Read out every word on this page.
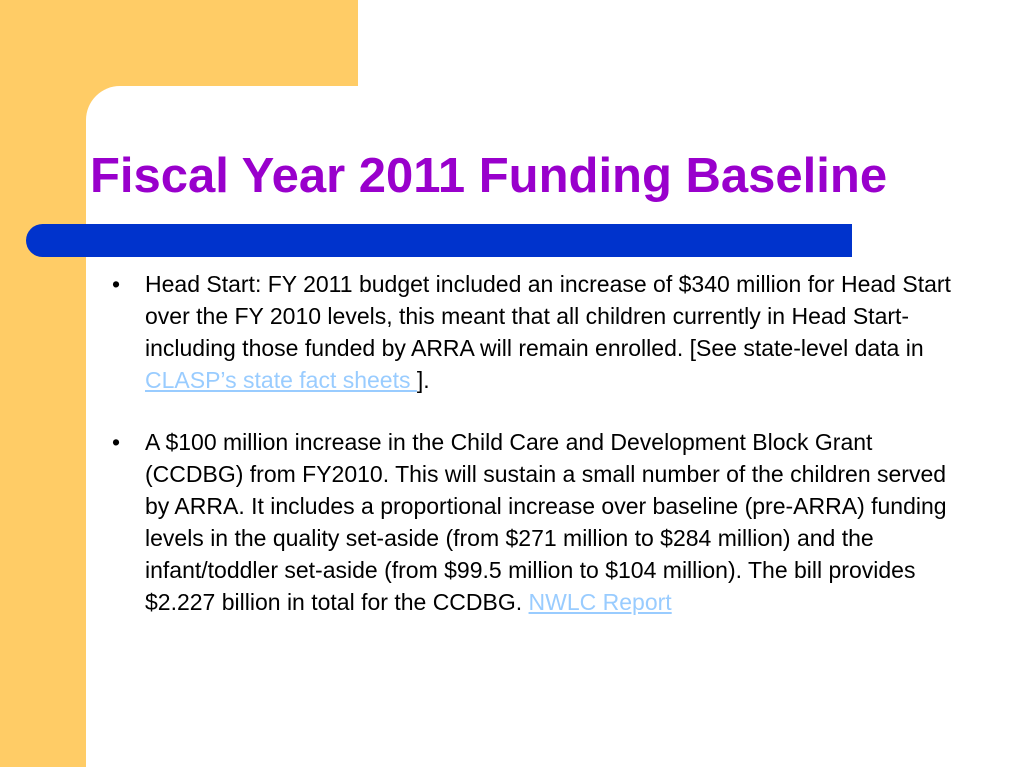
Fiscal Year 2011 Funding Baseline
• Head Start: FY 2011 budget included an increase of $340 million for Head Start over the FY 2010 levels, this meant that all children currently in Head Start- including those funded by ARRA will remain enrolled. [See state-level data in CLASP’s state fact sheets ].
• A $100 million increase in the Child Care and Development Block Grant (CCDBG) from FY2010. This will sustain a small number of the children served by ARRA. It includes a proportional increase over baseline (pre-ARRA) funding levels in the quality set-aside (from $271 million to $284 million) and the infant/toddler set-aside (from $99.5 million to $104 million). The bill provides $2.227 billion in total for the CCDBG. NWLC Report
